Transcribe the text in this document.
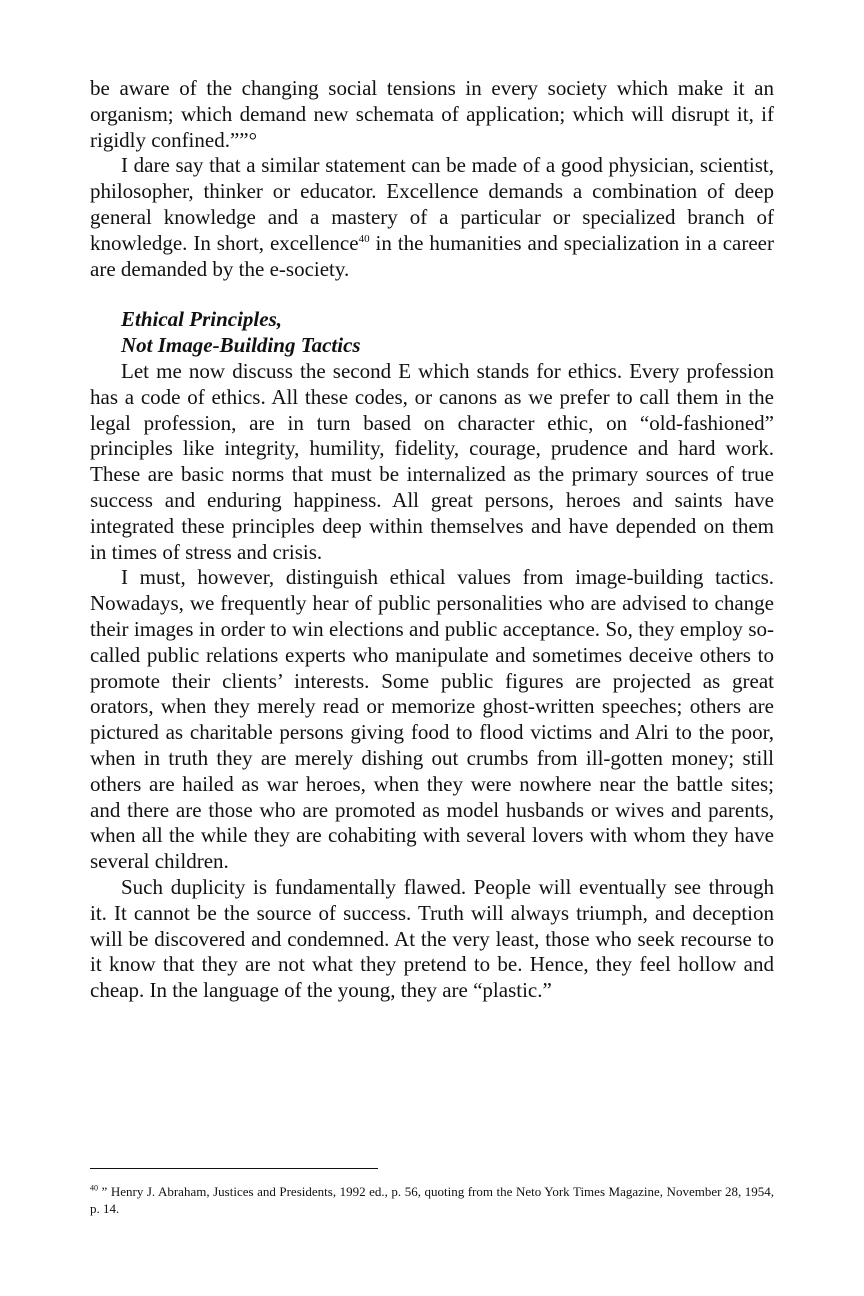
be aware of the changing social tensions in every society which make it an organism; which demand new schemata of application; which will disrupt it, if rigidly confined.””°

I dare say that a similar statement can be made of a good physician, scientist, philosopher, thinker or educator. Excellence demands a combination of deep general knowledge and a mastery of a particular or specialized branch of knowledge. In short, excellence$^{40}$ in the humanities and specialization in a career are demanded by the e-society.

Ethical Principles,
Not Image-Building Tactics

Let me now discuss the second E which stands for ethics. Every profession has a code of ethics. All these codes, or canons as we prefer to call them in the legal profession, are in turn based on character ethic, on “old-fashioned” principles like integrity, humility, fidelity, courage, prudence and hard work. These are basic norms that must be internalized as the primary sources of true success and enduring happiness. All great persons, heroes and saints have integrated these principles deep within themselves and have depended on them in times of stress and crisis.

I must, however, distinguish ethical values from image-building tactics. Nowadays, we frequently hear of public personalities who are advised to change their images in order to win elections and public acceptance. So, they employ so-called public relations experts who manipulate and sometimes deceive others to promote their clients’ interests. Some public figures are projected as great orators, when they merely read or memorize ghost-written speeches; others are pictured as charitable persons giving food to flood victims and Alri to the poor, when in truth they are merely dishing out crumbs from ill-gotten money; still others are hailed as war heroes, when they were nowhere near the battle sites; and there are those who are promoted as model husbands or wives and parents, when all the while they are cohabiting with several lovers with whom they have several children.

Such duplicity is fundamentally flawed. People will eventually see through it. It cannot be the source of success. Truth will always triumph, and deception will be discovered and condemned. At the very least, those who seek recourse to it know that they are not what they pretend to be. Hence, they feel hollow and cheap. In the language of the young, they are “plastic.”

$^{40}$ ” Henry J. Abraham, Justices and Presidents, 1992 ed., p. 56, quoting from the Neto York Times Magazine, November 28, 1954, p. 14.
